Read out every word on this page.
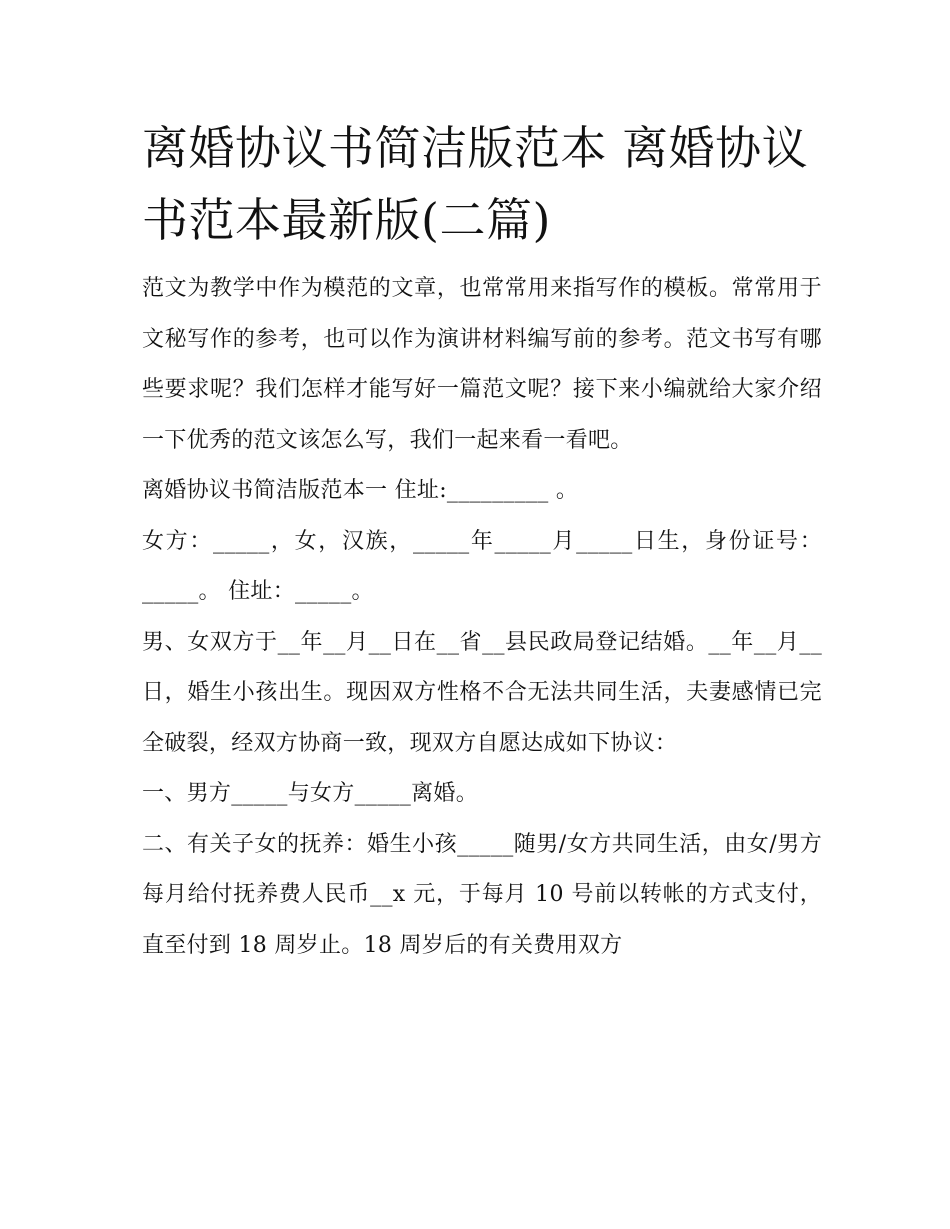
离婚协议书简洁版范本 离婚协议书范本最新版(二篇)

范文为教学中作为模范的文章，也常常用来指写作的模板。常常用于文秘写作的参考，也可以作为演讲材料编写前的参考。范文书写有哪些要求呢？我们怎样才能写好一篇范文呢？接下来小编就给大家介绍一下优秀的范文该怎么写，我们一起来看一看吧。

离婚协议书简洁版范本一 住址:_________ 。

女方：_____，女，汉族，_____年_____月_____日生，身份证号：_____。 住址：_____。

男、女双方于__年__月__日在__省__县民政局登记结婚。__年__月__日，婚生小孩出生。现因双方性格不合无法共同生活，夫妻感情已完全破裂，经双方协商一致，现双方自愿达成如下协议：

一、男方_____与女方_____离婚。

二、有关子女的抚养：婚生小孩_____随男/女方共同生活，由女/男方每月给付抚养费人民币__x 元，于每月 10 号前以转帐的方式支付，直至付到 18 周岁止。18 周岁后的有关费用双方
